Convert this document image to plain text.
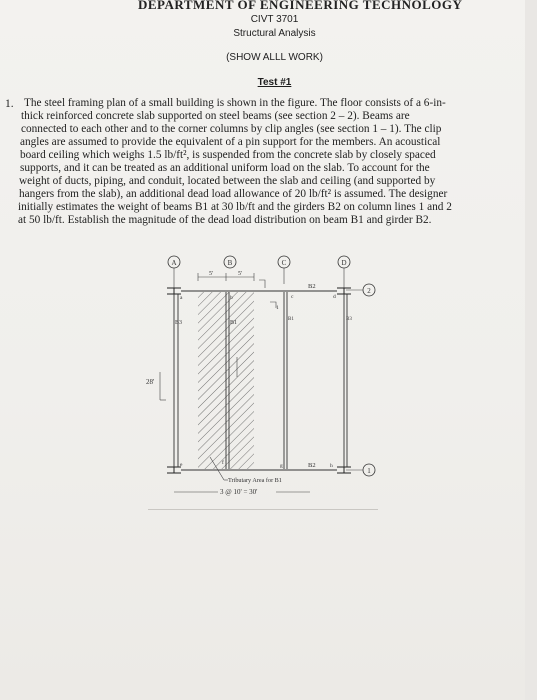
DEPARTMENT OF ENGINEERING TECHNOLOGY
CIVT 3701
Structural Analysis
(SHOW ALLL WORK)
Test #1
1. The steel framing plan of a small building is shown in the figure. The floor consists of a 6-in-
thick reinforced concrete slab supported on steel beams (see section 2 – 2). Beams are
connected to each other and to the corner columns by clip angles (see section 1 – 1). The clip
angles are assumed to provide the equivalent of a pin support for the members. An acoustical
board ceiling which weighs 1.5 lb/ft², is suspended from the concrete slab by closely spaced
supports, and it can be treated as an additional uniform load on the slab. To account for the
weight of ducts, piping, and conduit, located between the slab and ceiling (and supported by
hangers from the slab), an additional dead load allowance of 20 lb/ft² is assumed. The designer
initially estimates the weight of beams B1 at 30 lb/ft and the girders B2 on column lines 1 and 2
at 50 lb/ft. Establish the magnitude of the dead load distribution on beam B1 and girder B2.
A	B	C	D
2
1
5'	5'
B2
B3	B1
B1	B3
B2
a	b	c	d
e	f	g	h
1
28'
Tributary Area for B1
3 @ 10' = 30'
